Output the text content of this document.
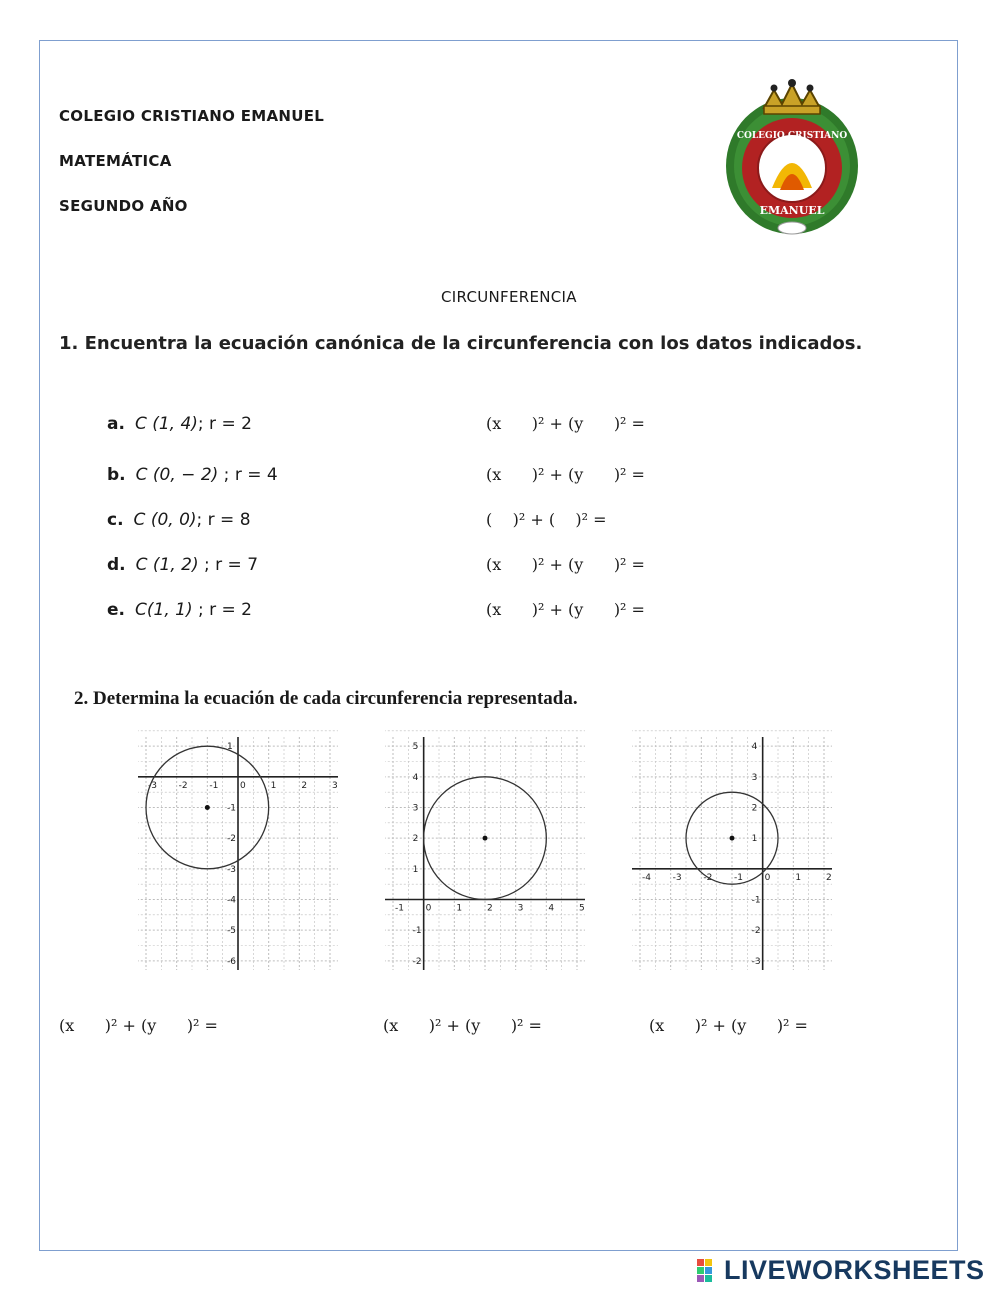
COLEGIO CRISTIANO EMANUEL
MATEMÁTICA
SEGUNDO AÑO
COLEGIO CRISTIANO
EMANUEL
CIRCUNFERENCIA
1. Encuentra la ecuación canónica de la circunferencia con los datos indicados.
a. C (1, 4); r = 2	(x      )² + (y      )² =
b. C (0, − 2) ; r = 4	(x      )² + (y      )² =
c. C (0, 0); r = 8	(    )² + (    )² =
d. C (1, 2) ; r = 7	(x      )² + (y      )² =
e. C(1, 1) ; r = 2	(x      )² + (y      )² =
2. Determina la ecuación de cada circunferencia representada.
-3 -2 -1 0	1	2	3
1
-1
-2
-3
-4
-5
-6
-1 0	1	2	3	4	5
5
4
3
2
1
-1
-2
-4 -3 -2 -1 0	1	2
4
3
2
1
-1
-2
-3
(x      )² + (y      )² =	(x      )² + (y      )² =	(x      )² + (y      )² =
LIVEWORKSHEETS
